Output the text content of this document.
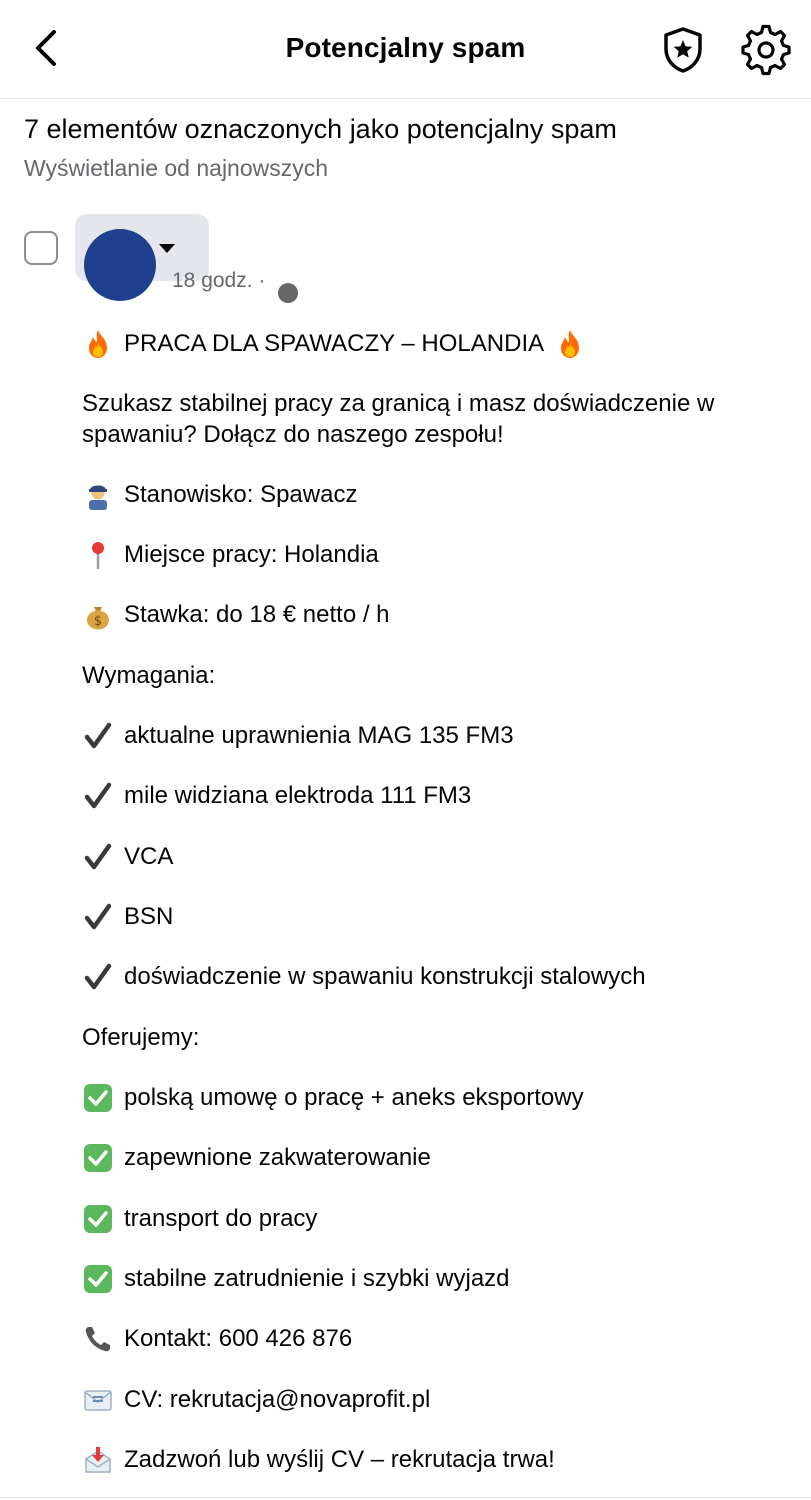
Potencjalny spam
7 elementów oznaczonych jako potencjalny spam
Wyświetlanie od najnowszych
18 godz. ·
PRACA DLA SPAWACZY – HOLANDIA
Szukasz stabilnej pracy za granicą i masz doświadczenie w
spawaniu? Dołącz do naszego zespołu!
Stanowisko: Spawacz
Miejsce pracy: Holandia
$ Stawka: do 18 € netto / h
Wymagania:
aktualne uprawnienia MAG 135 FM3
mile widziana elektroda 111 FM3
VCA
BSN
doświadczenie w spawaniu konstrukcji stalowych
Oferujemy:
polską umowę o pracę + aneks eksportowy
zapewnione zakwaterowanie
transport do pracy
stabilne zatrudnienie i szybki wyjazd
Kontakt: 600 426 876
CV: rekrutacja@novaprofit.pl
Zadzwoń lub wyślij CV – rekrutacja trwa!
